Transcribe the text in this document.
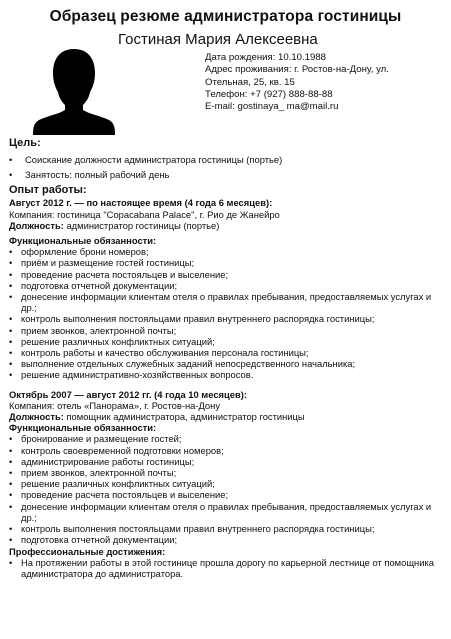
Образец резюме администратора гостиницы
Гостиная Мария Алексеевна
Дата рождения: 10.10.1988
Адрес проживания: г. Ростов-на-Дону, ул.
Отельная, 25, кв. 15
Телефон: +7 (927) 888-88-88
E-mail: gostinaya_ ma@mail.ru
Цель:
• Соискание должности администратора гостиницы (портье)
• Занятость: полный рабочий день
Опыт работы:
Август 2012 г. — по настоящее время (4 года 6 месяцев):
Компания: гостиница "Copacabana Palace", г. Рио де Жанейро
Должность: администратор гостиницы (портье)
Функциональные обязанности:
• оформление брони номеров;
• приём и размещение гостей гостиницы;
• проведение расчета постояльцев и выселение;
• подготовка отчетной документации;
• донесение информации клиентам отеля о правилах пребывания, предоставляемых услугах и др.;
• контроль выполнения постояльцами правил внутреннего распорядка гостиницы;
• прием звонков, электронной почты;
• решение различных конфликтных ситуаций;
• контроль работы и качество обслуживания персонала гостиницы;
• выполнение отдельных служебных заданий непосредственного начальника;
• решение административно-хозяйственных вопросов.
Октябрь 2007 — август 2012 гг. (4 года 10 месяцев):
Компания: отель «Панорама», г. Ростов-на-Дону
Должность: помощник администратора, администратор гостиницы
Функциональные обязанности:
• бронирование и размещение гостей;
• контроль своевременной подготовки номеров;
• администрирование работы гостиницы;
• прием звонков, электронной почты;
• решение различных конфликтных ситуаций;
• проведение расчета постояльцев и выселение;
• донесение информации клиентам отеля о правилах пребывания, предоставляемых услугах и др.;
• контроль выполнения постояльцами правил внутреннего распорядка гостиницы;
• подготовка отчетной документации;
Профессиональные достижения:
• На протяжении работы в этой гостинице прошла дорогу по карьерной лестнице от помощника администратора до администратора.
